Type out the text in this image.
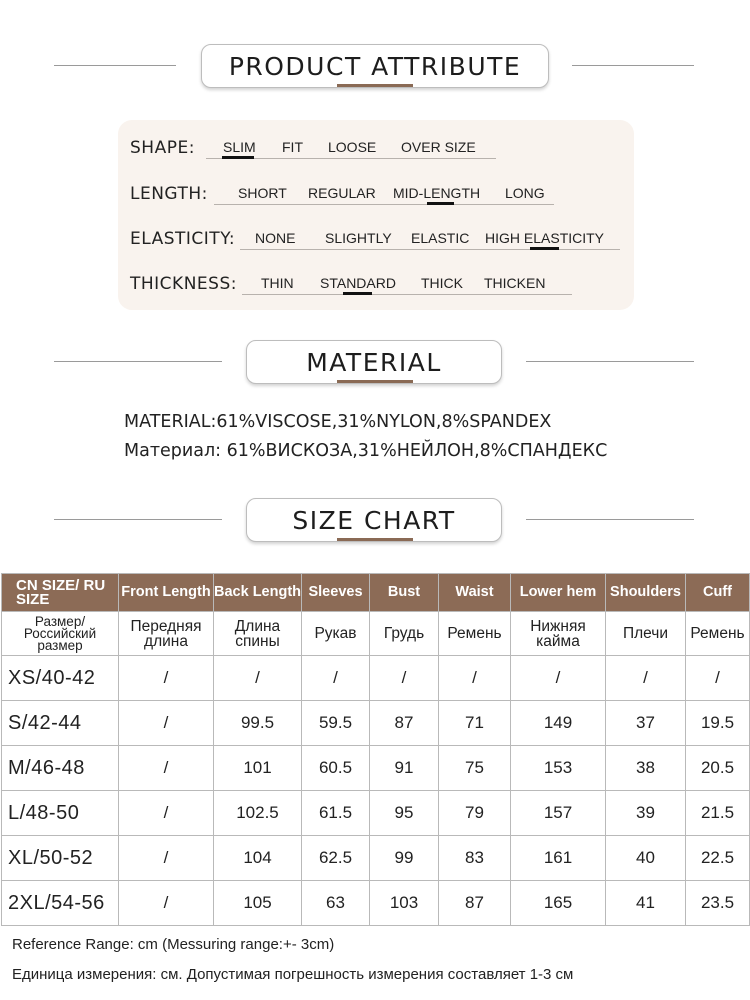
PRODUCT ATTRIBUTE
SHAPE: SLIM FIT LOOSE OVER SIZE
LENGTH: SHORT REGULAR MID-LENGTH LONG
ELASTICITY: NONE SLIGHTLY ELASTIC HIGH ELASTICITY
THICKNESS: THIN STANDARD THICK THICKEN
MATERIAL
MATERIAL:61%VISCOSE,31%NYLON,8%SPANDEX
Материал: 61%ВИСКОЗА,31%НЕЙЛОН,8%СПАНДЕКС
SIZE CHART
CN SIZE/ RU SIZE	Front Length	Back Length	Sleeves	Bust	Waist	Lower hem	Shoulders	Cuff
Размер/ Российский размер	Передняя длина	Длина спины	Рукав	Грудь	Ремень	Нижняя кайма	Плечи	Ремень
XS/40-42	/	/	/	/	/	/	/	/
S/42-44	/	99.5	59.5	87	71	149	37	19.5
M/46-48	/	101	60.5	91	75	153	38	20.5
L/48-50	/	102.5	61.5	95	79	157	39	21.5
XL/50-52	/	104	62.5	99	83	161	40	22.5
2XL/54-56	/	105	63	103	87	165	41	23.5
Reference Range: cm (Messuring range:+- 3cm)
Единица измерения: см. Допустимая погрешность измерения составляет 1-3 см
